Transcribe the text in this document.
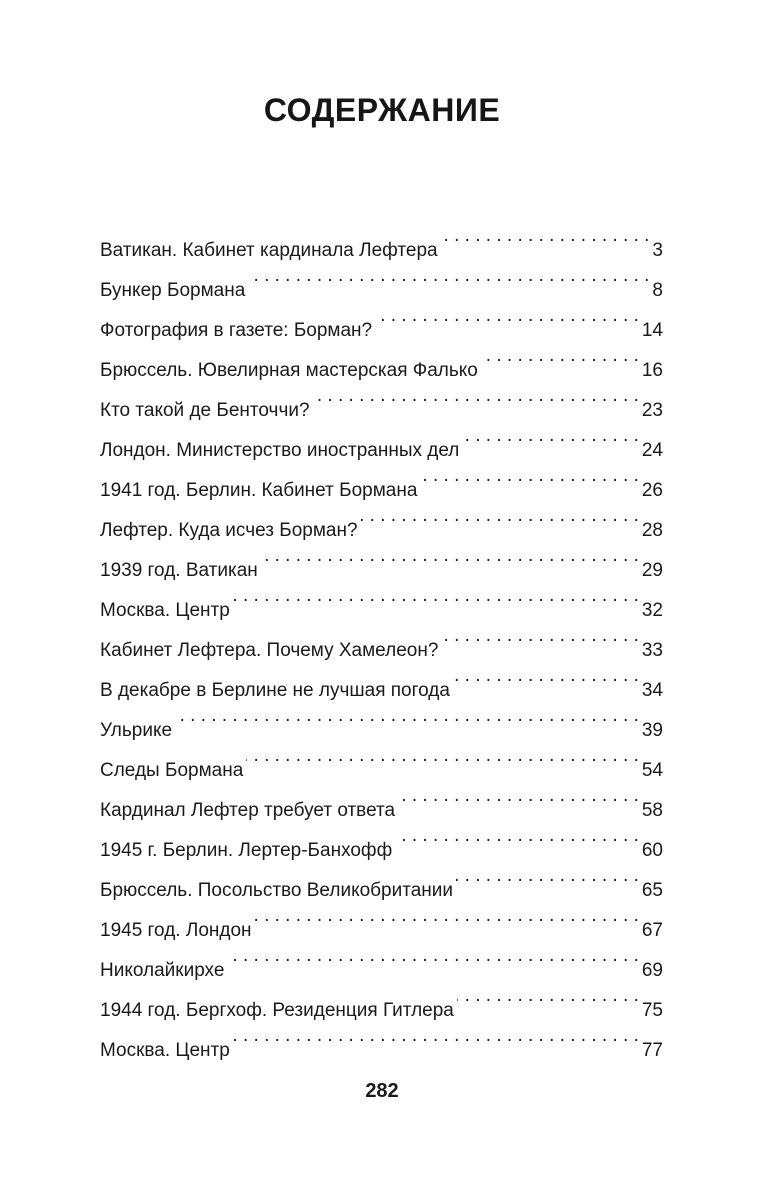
СОДЕРЖАНИЕ
Ватикан. Кабинет кардинала Лефтера . . .	3
Бункер Бормана . . .	8
Фотография в газете: Борман? . . .	14
Брюссель. Ювелирная мастерская Фалько . . .	16
Кто такой де Бенточчи? . . .	23
Лондон. Министерство иностранных дел . . .	24
1941 год. Берлин. Кабинет Бормана . . .	26
Лефтер. Куда исчез Борман? . . .	28
1939 год. Ватикан . . .	29
Москва. Центр . . .	32
Кабинет Лефтера. Почему Хамелеон? . . .	33
В декабре в Берлине не лучшая погода . . .	34
Ульрике . . .	39
Следы Бормана . . .	54
Кардинал Лефтер требует ответа . . .	58
1945 г. Берлин. Лертер-Банхофф . . .	60
Брюссель. Посольство Великобритании . . .	65
1945 год. Лондон . . .	67
Николайкирхе . . .	69
1944 год. Бергхоф. Резиденция Гитлера . . .	75
Москва. Центр . . .	77

282
